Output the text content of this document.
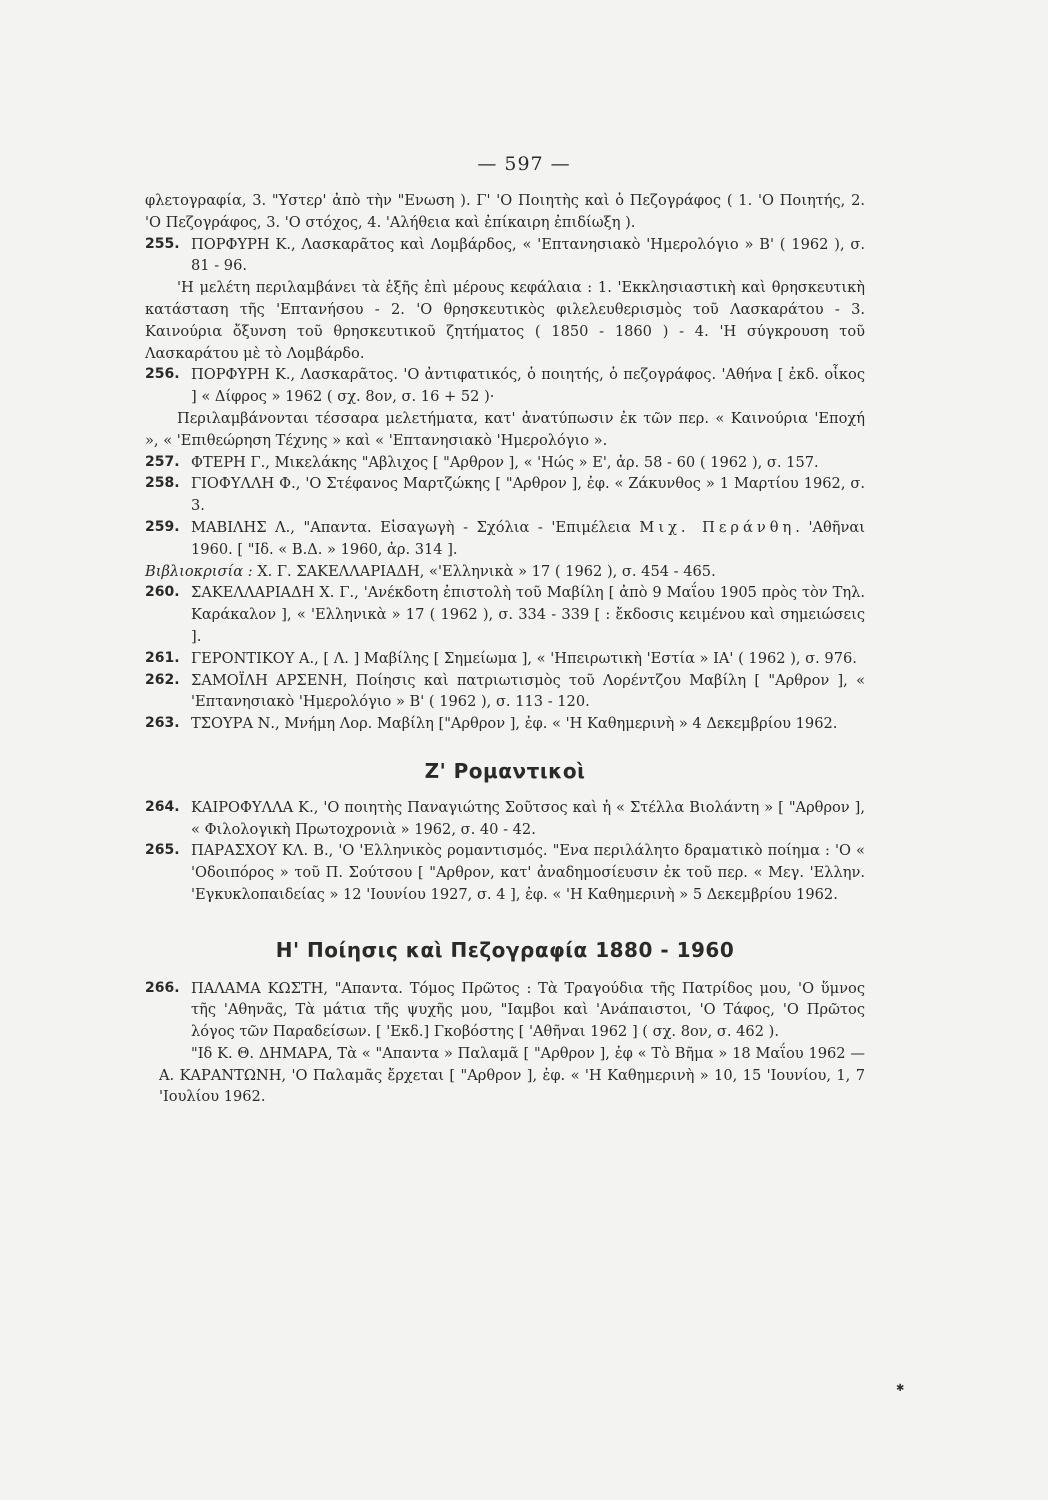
— 597 —

φλετογραφία, 3. "Υστερ' ἀπὸ τὴν "Ενωση ). Γ' 'Ο Ποιητὴς καὶ ὁ Πεζογράφος ( 1. 'Ο Ποιητής, 2. 'Ο Πεζογράφος, 3. 'Ο στόχος, 4. 'Αλήθεια καὶ ἐπίκαιρη ἐπιδίωξη ).

255. ΠΟΡΦΥΡΗ Κ., Λασκαρᾶτος καὶ Λομβάρδος, « 'Επτανησιακὸ 'Ημερολόγιο » Β' ( 1962 ), σ. 81 - 96.
'Η μελέτη περιλαμβάνει τὰ ἑξῆς ἐπὶ μέρους κεφάλαια : 1. 'Εκκλησιαστικὴ καὶ θρησκευτικὴ κατάσταση τῆς 'Επτανήσου - 2. 'Ο θρησκευτικὸς φιλελευθερισμὸς τοῦ Λασκαράτου - 3. Καινούρια ὄξυνση τοῦ θρησκευτικοῦ ζητήματος ( 1850 - 1860 ) - 4. 'Η σύγκρουση τοῦ Λασκαράτου μὲ τὸ Λομβάρδο.
256. ΠΟΡΦΥΡΗ Κ., Λασκαρᾶτος. 'Ο ἀντιφατικός, ὁ ποιητής, ὁ πεζογράφος. 'Αθήνα [ ἐκδ. οἶκος ] « Δίφρος » 1962 ( σχ. 8ον, σ. 16 + 52 )·
Περιλαμβάνονται τέσσαρα μελετήματα, κατ' ἀνατύπωσιν ἐκ τῶν περ. « Καινούρια 'Εποχή », « 'Επιθεώρηση Τέχνης » καὶ « 'Επτανησιακὸ 'Ημερολόγιο ».
257. ΦΤΕΡΗ Γ., Μικελάκης "Αβλιχος [ "Αρθρον ], « 'Ηώς » Ε', ἀρ. 58 - 60 ( 1962 ), σ. 157.
258. ΓΙΟΦΥΛΛΗ Φ., 'Ο Στέφανος Μαρτζώκης [ "Αρθρον ], ἐφ. « Ζάκυνθος » 1 Μαρτίου 1962, σ. 3.
259. ΜΑΒΙΛΗΣ Λ., "Απαντα. Εἰσαγωγὴ - Σχόλια - 'Επιμέλεια Μιχ. Περάνθη. 'Αθῆναι 1960. [ "Ιδ. « Β.Δ. » 1960, ἀρ. 314 ].
Βιβλιοκρισία : Χ. Γ. ΣΑΚΕΛΛΑΡΙΑΔΗ, «'Ελληνικὰ » 17 ( 1962 ), σ. 454 - 465.
260. ΣΑΚΕΛΛΑΡΙΑΔΗ Χ. Γ., 'Ανέκδοτη ἐπιστολὴ τοῦ Μαβίλη [ ἀπὸ 9 Μαΐου 1905 πρὸς τὸν Τηλ. Καράκαλον ], « 'Ελληνικὰ » 17 ( 1962 ), σ. 334 - 339 [ : ἔκδοσις κειμένου καὶ σημειώσεις ].
261. ΓΕΡΟΝΤΙΚΟΥ Α., [ Λ. ] Μαβίλης [ Σημείωμα ], « 'Ηπειρωτικὴ 'Εστία » ΙΑ' ( 1962 ), σ. 976.
262. ΣΑΜΟΪΛΗ ΑΡΣΕΝΗ, Ποίησις καὶ πατριωτισμὸς τοῦ Λορέντζου Μαβίλη [ "Αρθρον ], « 'Επτανησιακὸ 'Ημερολόγιο » Β' ( 1962 ), σ. 113 - 120.
263. ΤΣΟΥΡΑ Ν., Μνήμη Λορ. Μαβίλη ["Αρθρον ], ἐφ. « 'Η Καθημερινὴ » 4 Δεκεμβρίου 1962.
Ζ' Ρομαντικοὶ
264. ΚΑΙΡΟΦΥΛΛΑ Κ., 'Ο ποιητὴς Παναγιώτης Σοῦτσος καὶ ἡ « Στέλλα Βιολάντη » [ "Αρθρον ], « Φιλολογικὴ Πρωτοχρονιὰ » 1962, σ. 40 - 42.
265. ΠΑΡΑΣΧΟΥ ΚΛ. Β., 'Ο 'Ελληνικὸς ρομαντισμός. "Ενα περιλάλητο δραματικὸ ποίημα : 'Ο « 'Οδοιπόρος » τοῦ Π. Σούτσου [ "Αρθρον, κατ' ἀναδημοσίευσιν ἐκ τοῦ περ. « Μεγ. 'Ελλην. 'Εγκυκλοπαιδείας » 12 'Ιουνίου 1927, σ. 4 ], ἐφ. « 'Η Καθημερινὴ » 5 Δεκεμβρίου 1962.
Η' Ποίησις καὶ Πεζογραφία 1880 - 1960
266. ΠΑΛΑΜΑ ΚΩΣΤΗ, "Απαντα. Τόμος Πρῶτος : Τὰ Τραγούδια τῆς Πατρίδος μου, 'Ο ὕμνος τῆς 'Αθηνᾶς, Τὰ μάτια τῆς ψυχῆς μου, "Ιαμβοι καὶ 'Ανάπαιστοι, 'Ο Τάφος, 'Ο Πρῶτος λόγος τῶν Παραδείσων. [ 'Εκδ.] Γκοβόστης [ 'Αθῆναι 1962 ] ( σχ. 8ον, σ. 462 ).
"Ιδ Κ. Θ. ΔΗΜΑΡΑ, Τὰ « "Απαντα » Παλαμᾶ [ "Αρθρον ], ἐφ « Τὸ Βῆμα » 18 Μαΐου 1962 — Α. ΚΑΡΑΝΤΩΝΗ, 'Ο Παλαμᾶς ἔρχεται [ "Αρθρον ], ἐφ. « 'Η Καθημερινὴ » 10, 15 'Ιουνίου, 1, 7 'Ιουλίου 1962.
✱
